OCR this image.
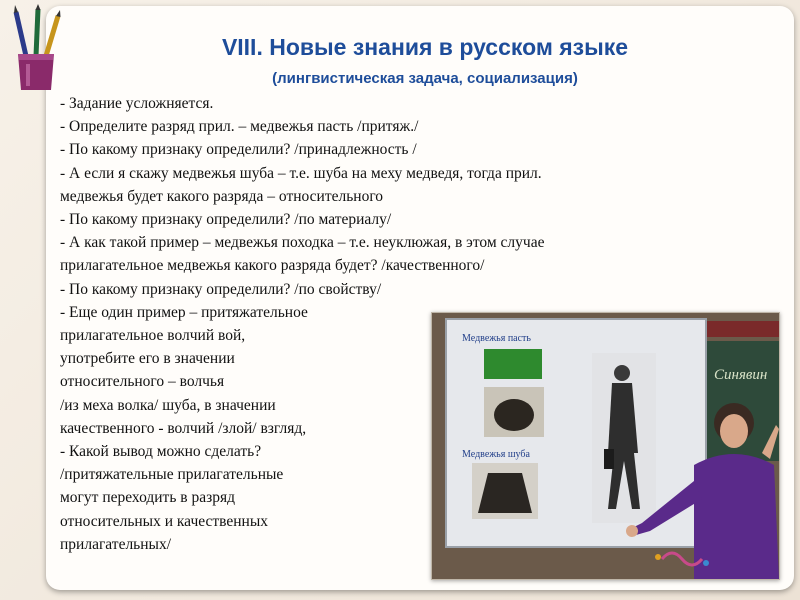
VIII. Новые знания в русском языке
(лингвистическая задача, социализация)
- Задание усложняется.
- Определите разряд прил. – медвежья пасть /притяж./
- По какому признаку определили? /принадлежность /
- А если я скажу медвежья шуба – т.е. шуба на меху медведя, тогда прил.
медвежья будет какого разряда – относительного
- По какому признаку определили? /по материалу/
- А как такой пример – медвежья походка – т.е. неуклюжая, в этом случае
прилагательное медвежья какого разряда будет? /качественного/
- По какому признаку определили? /по свойству/
- Еще один пример – притяжательное
прилагательное волчий вой,
употребите его в значении
относительного – волчья
/из меха волка/ шуба, в значении
качественного - волчий /злой/ взгляд,
- Какой вывод можно сделать?
/притяжательные прилагательные
могут переходить в разряд
относительных и качественных
прилагательных/
Синявин
Медвежья пасть
Медвежья шуба
